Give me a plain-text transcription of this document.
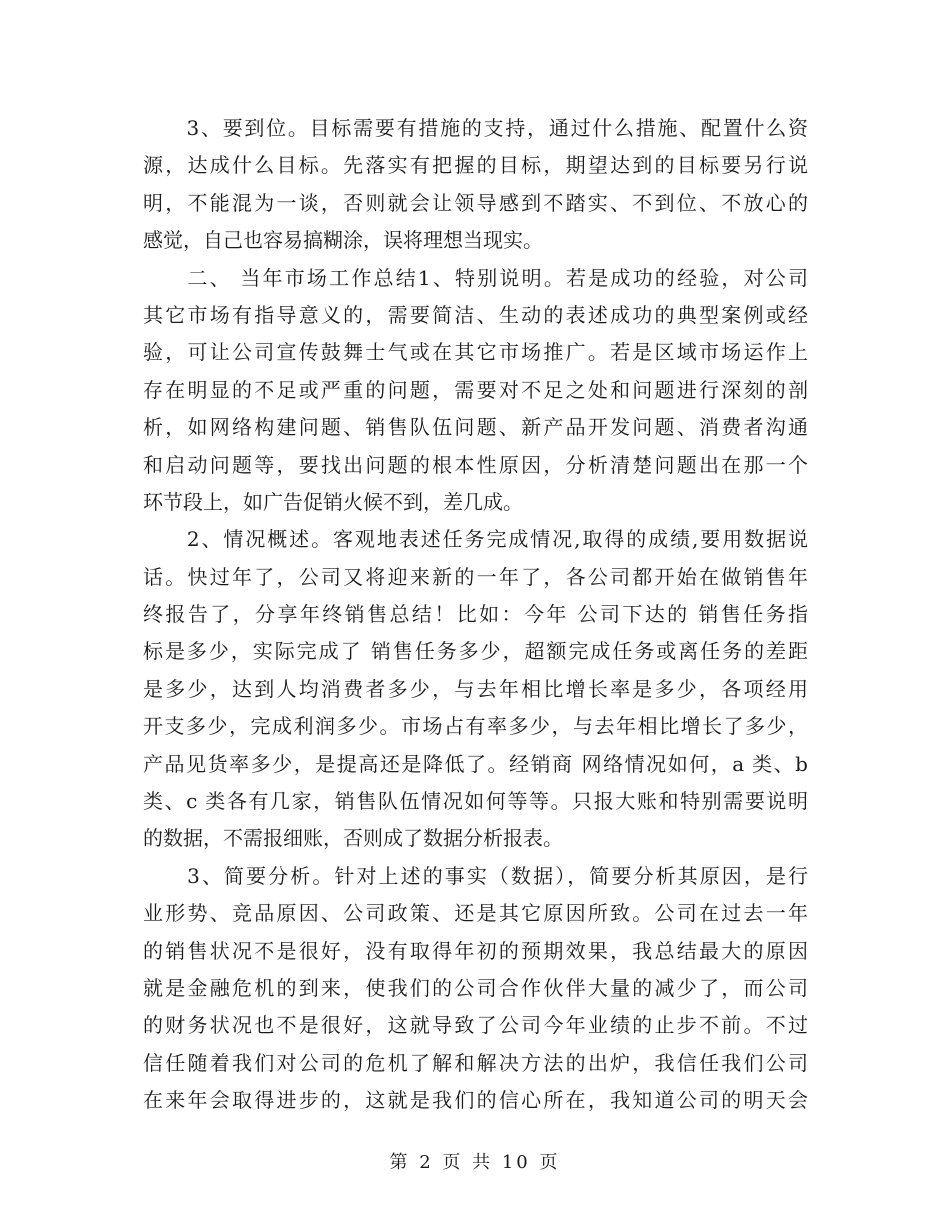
　　3、要到位。目标需要有措施的支持，通过什么措施、配置什么资
源，达成什么目标。先落实有把握的目标，期望达到的目标要另行说
明，不能混为一谈，否则就会让领导感到不踏实、不到位、不放心的
感觉，自己也容易搞糊涂，误将理想当现实。
　　二、 当年市场工作总结1、特别说明。若是成功的经验，对公司
其它市场有指导意义的，需要简洁、生动的表述成功的典型案例或经
验，可让公司宣传鼓舞士气或在其它市场推广。若是区域市场运作上
存在明显的不足或严重的问题，需要对不足之处和问题进行深刻的剖
析，如网络构建问题、销售队伍问题、新产品开发问题、消费者沟通
和启动问题等，要找出问题的根本性原因，分析清楚问题出在那一个
环节段上，如广告促销火候不到，差几成。
　　2、情况概述。客观地表述任务完成情况,取得的成绩,要用数据说
话。快过年了，公司又将迎来新的一年了，各公司都开始在做销售年
终报告了，分享年终销售总结！比如：今年 公司下达的 销售任务指
标是多少，实际完成了 销售任务多少，超额完成任务或离任务的差距
是多少，达到人均消费者多少，与去年相比增长率是多少，各项经用
开支多少，完成利润多少。市场占有率多少，与去年相比增长了多少，
产品见货率多少，是提高还是降低了。经销商 网络情况如何，a 类、b
类、c 类各有几家，销售队伍情况如何等等。只报大账和特别需要说明
的数据，不需报细账，否则成了数据分析报表。
　　3、简要分析。针对上述的事实（数据），简要分析其原因，是行
业形势、竞品原因、公司政策、还是其它原因所致。公司在过去一年
的销售状况不是很好，没有取得年初的预期效果，我总结最大的原因
就是金融危机的到来，使我们的公司合作伙伴大量的减少了，而公司
的财务状况也不是很好，这就导致了公司今年业绩的止步不前。不过
信任随着我们对公司的危机了解和解决方法的出炉，我信任我们公司
在来年会取得进步的，这就是我们的信心所在，我知道公司的明天会
第 2 页 共 10 页
